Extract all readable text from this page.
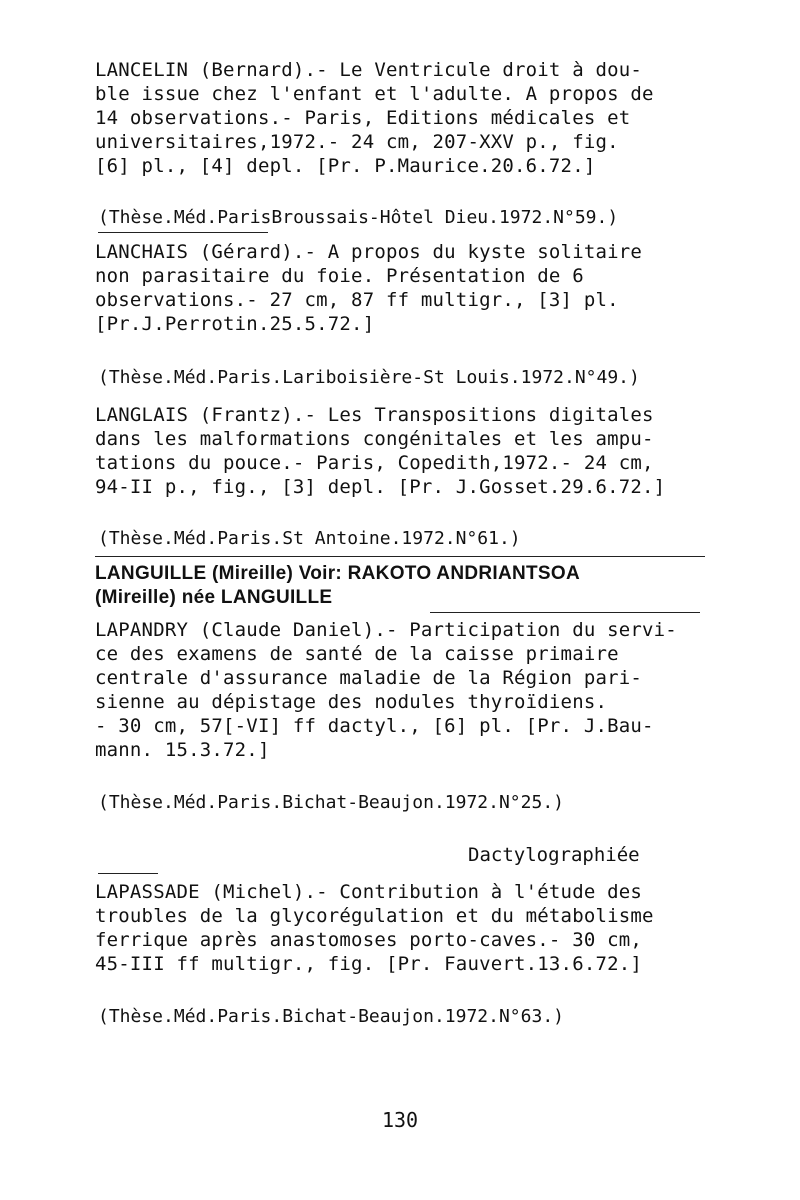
LANCELIN (Bernard).- Le Ventricule droit à dou-
ble issue chez l'enfant et l'adulte. A propos de
14 observations.- Paris, Editions médicales et
universitaires,1972.- 24 cm, 207-XXV p., fig.
[6] pl., [4] depl. [Pr. P.Maurice.20.6.72.]
(Thèse.Méd.ParisBroussais-Hôtel Dieu.1972.N°59.)
LANCHAIS (Gérard).- A propos du kyste solitaire
non parasitaire du foie. Présentation de 6
observations.- 27 cm, 87 ff multigr., [3] pl.
[Pr.J.Perrotin.25.5.72.]
(Thèse.Méd.Paris.Lariboisière-St Louis.1972.N°49.)
LANGLAIS (Frantz).- Les Transpositions digitales
dans les malformations congénitales et les ampu-
tations du pouce.- Paris, Copedith,1972.- 24 cm,
94-II p., fig., [3] depl. [Pr. J.Gosset.29.6.72.]
(Thèse.Méd.Paris.St Antoine.1972.N°61.)
LANGUILLE (Mireille) Voir: RAKOTO ANDRIANTSOA
(Mireille) née LANGUILLE
LAPANDRY (Claude Daniel).- Participation du servi-
ce des examens de santé de la caisse primaire
centrale d'assurance maladie de la Région pari-
sienne au dépistage des nodules thyroïdiens.
- 30 cm, 57[-VI] ff dactyl., [6] pl. [Pr. J.Bau-
mann. 15.3.72.]
(Thèse.Méd.Paris.Bichat-Beaujon.1972.N°25.)
Dactylographiée
LAPASSADE (Michel).- Contribution à l'étude des
troubles de la glycorégulation et du métabolisme
ferrique après anastomoses porto-caves.- 30 cm,
45-III ff multigr., fig. [Pr. Fauvert.13.6.72.]
(Thèse.Méd.Paris.Bichat-Beaujon.1972.N°63.)
130
